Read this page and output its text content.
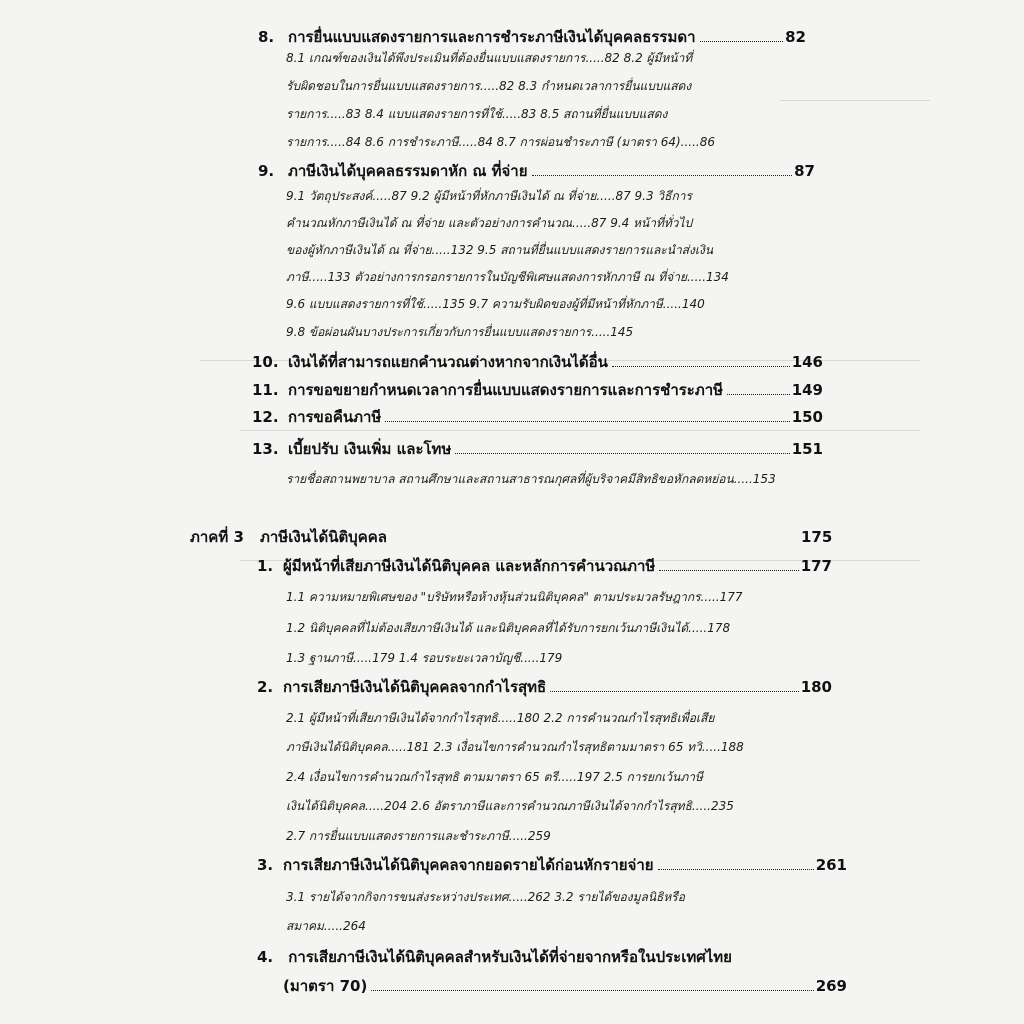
8. การยื่นแบบแสดงรายการและการชำระภาษีเงินได้บุคคลธรรมดา	82
8.1 เกณฑ์ของเงินได้พึงประเมินที่ต้องยื่นแบบแสดงรายการ.....82 8.2 ผู้มีหน้าที่
รับผิดชอบในการยื่นแบบแสดงรายการ.....82 8.3 กำหนดเวลาการยื่นแบบแสดง
รายการ.....83 8.4 แบบแสดงรายการที่ใช้.....83 8.5 สถานที่ยื่นแบบแสดง
รายการ.....84 8.6 การชำระภาษี.....84 8.7 การผ่อนชำระภาษี (มาตรา 64).....86
9. ภาษีเงินได้บุคคลธรรมดาหัก ณ ที่จ่าย	87
9.1 วัตถุประสงค์.....87 9.2 ผู้มีหน้าที่หักภาษีเงินได้ ณ ที่จ่าย.....87 9.3 วิธีการ
คำนวณหักภาษีเงินได้ ณ ที่จ่าย และตัวอย่างการคำนวณ.....87 9.4 หน้าที่ทั่วไป
ของผู้หักภาษีเงินได้ ณ ที่จ่าย.....132 9.5 สถานที่ยื่นแบบแสดงรายการและนำส่งเงิน
ภาษี.....133 ตัวอย่างการกรอกรายการในบัญชีพิเศษแสดงการหักภาษี ณ ที่จ่าย.....134
9.6 แบบแสดงรายการที่ใช้.....135 9.7 ความรับผิดของผู้ที่มีหน้าที่หักภาษี.....140
9.8 ข้อผ่อนผันบางประการเกี่ยวกับการยื่นแบบแสดงรายการ.....145
10. เงินได้ที่สามารถแยกคำนวณต่างหากจากเงินได้อื่น	146
11. การขอขยายกำหนดเวลาการยื่นแบบแสดงรายการและการชำระภาษี	149
12. การขอคืนภาษี	150
13. เบี้ยปรับ เงินเพิ่ม และโทษ	151
รายชื่อสถานพยาบาล สถานศึกษาและสถานสาธารณกุศลที่ผู้บริจาคมีสิทธิขอหักลดหย่อน.....153
ภาคที่ 3 ภาษีเงินได้นิติบุคคล	175
1. ผู้มีหน้าที่เสียภาษีเงินได้นิติบุคคล และหลักการคำนวณภาษี	177
1.1 ความหมายพิเศษของ "บริษัทหรือห้างหุ้นส่วนนิติบุคคล" ตามประมวลรัษฎากร.....177
1.2 นิติบุคคลที่ไม่ต้องเสียภาษีเงินได้ และนิติบุคคลที่ได้รับการยกเว้นภาษีเงินได้.....178
1.3 ฐานภาษี.....179 1.4 รอบระยะเวลาบัญชี.....179
2. การเสียภาษีเงินได้นิติบุคคลจากกำไรสุทธิ	180
2.1 ผู้มีหน้าที่เสียภาษีเงินได้จากกำไรสุทธิ.....180 2.2 การคำนวณกำไรสุทธิเพื่อเสีย
ภาษีเงินได้นิติบุคคล.....181 2.3 เงื่อนไขการคำนวณกำไรสุทธิตามมาตรา 65 ทวิ.....188
2.4 เงื่อนไขการคำนวณกำไรสุทธิ ตามมาตรา 65 ตรี.....197 2.5 การยกเว้นภาษี
เงินได้นิติบุคคล.....204 2.6 อัตราภาษีและการคำนวณภาษีเงินได้จากกำไรสุทธิ.....235
2.7 การยื่นแบบแสดงรายการและชำระภาษี.....259
3. การเสียภาษีเงินได้นิติบุคคลจากยอดรายได้ก่อนหักรายจ่าย	261
3.1 รายได้จากกิจการขนส่งระหว่างประเทศ.....262 3.2 รายได้ของมูลนิธิหรือ
สมาคม.....264
4. การเสียภาษีเงินได้นิติบุคคลสำหรับเงินได้ที่จ่ายจากหรือในประเทศไทย
(มาตรา 70)	269
